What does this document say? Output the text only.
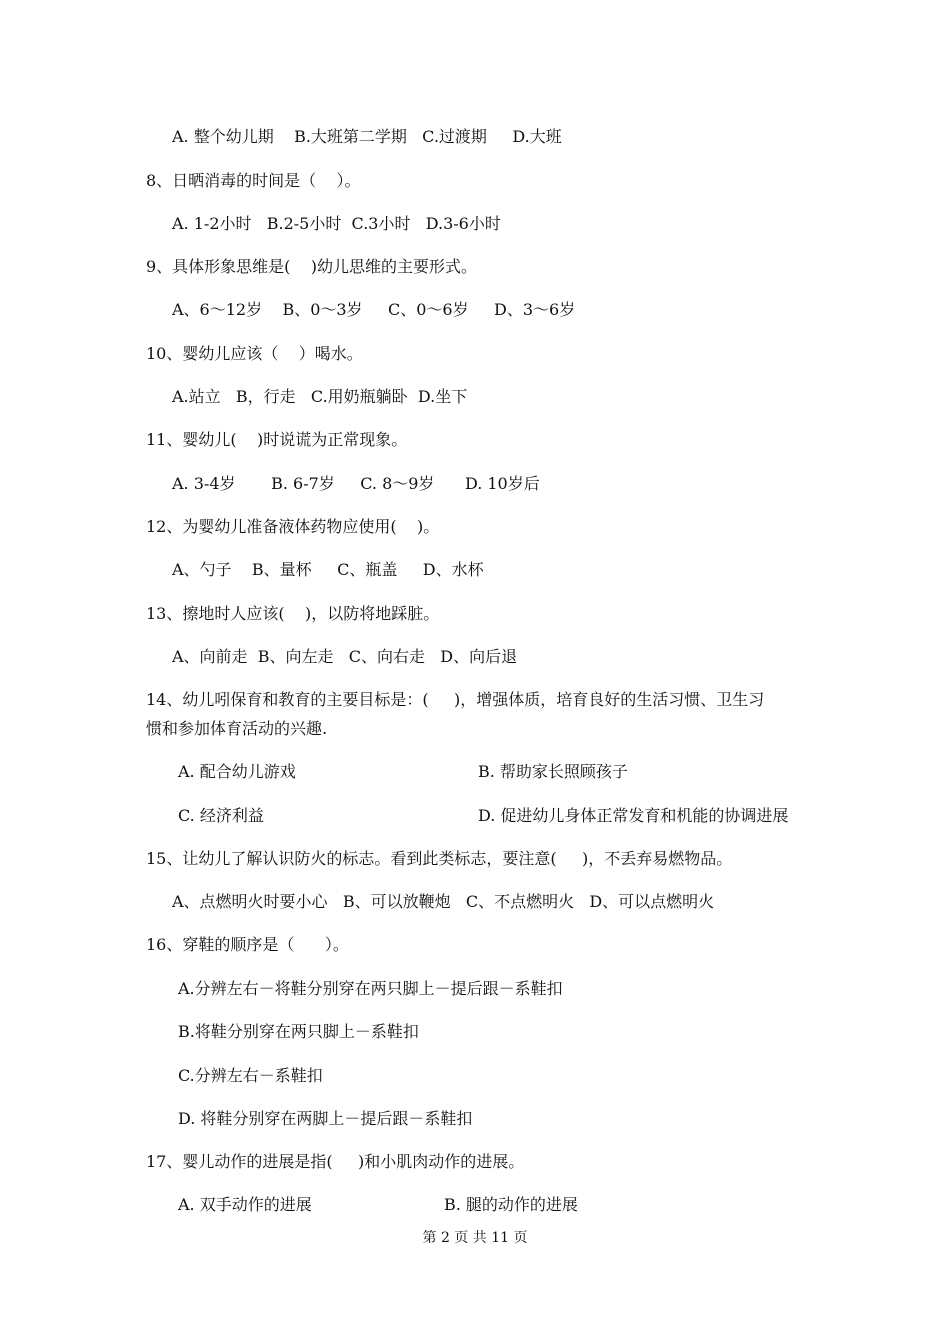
A. 整个幼儿期    B.大班第二学期   C.过渡期     D.大班
8、日晒消毒的时间是（    ）。
A. 1-2小时   B.2-5小时  C.3小时   D.3-6小时
9、具体形象思维是(    )幼儿思维的主要形式。
A、6～12岁    B、0～3岁     C、0～6岁     D、3～6岁
10、婴幼儿应该（    ）喝水。
A.站立   B，行走   C.用奶瓶躺卧  D.坐下
11、婴幼儿(    )时说谎为正常现象。
A. 3-4岁       B. 6-7岁     C. 8～9岁      D. 10岁后
12、为婴幼儿准备液体药物应使用(    )。
A、勺子    B、量杯     C、瓶盖     D、水杯
13、擦地时人应该(    )，以防将地踩脏。
A、向前走  B、向左走   C、向右走   D、向后退
14、幼儿吲保育和教育的主要目标是：(     )，增强体质，培育良好的生活习惯、卫生习
惯和参加体育活动的兴趣.
A. 配合幼儿游戏	B. 帮助家长照顾孩子
C. 经济利益	D. 促进幼儿身体正常发育和机能的协调进展
15、让幼儿了解认识防火的标志。看到此类标志，要注意(     )，不丢弃易燃物品。
A、点燃明火时要小心   B、可以放鞭炮   C、不点燃明火   D、可以点燃明火
16、穿鞋的顺序是（      ）。
A.分辨左右－将鞋分别穿在两只脚上－提后跟－系鞋扣
B.将鞋分别穿在两只脚上－系鞋扣
C.分辨左右－系鞋扣
D. 将鞋分别穿在两脚上－提后跟－系鞋扣
17、婴儿动作的进展是指(     )和小肌肉动作的进展。
A. 双手动作的进展	B. 腿的动作的进展
第 2 页 共 11 页
